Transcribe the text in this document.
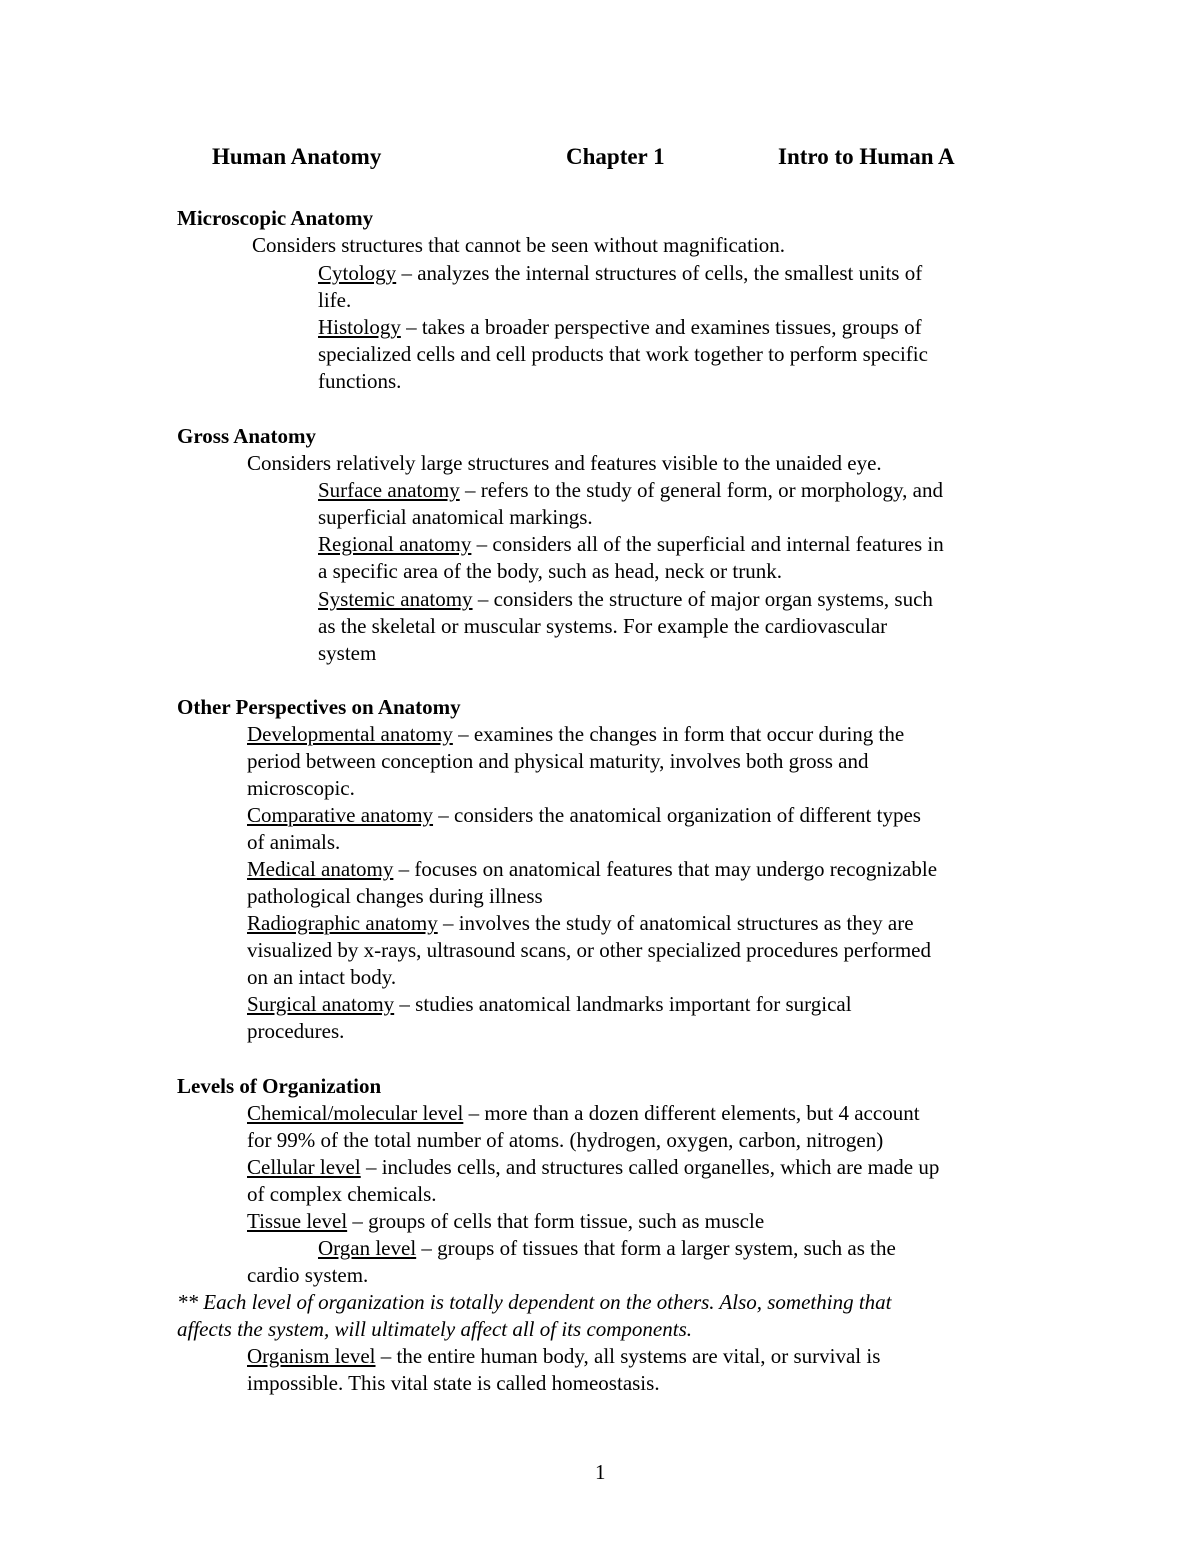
Human Anatomy	Chapter 1	Intro to Human A
Microscopic Anatomy
Considers structures that cannot be seen without magnification.
Cytology – analyzes the internal structures of cells, the smallest units of
life.
Histology – takes a broader perspective and examines tissues, groups of
specialized cells and cell products that work together to perform specific
functions.
Gross Anatomy
Considers relatively large structures and features visible to the unaided eye.
Surface anatomy – refers to the study of general form, or morphology, and
superficial anatomical markings.
Regional anatomy – considers all of the superficial and internal features in
a specific area of the body, such as head, neck or trunk.
Systemic anatomy – considers the structure of major organ systems, such
as the skeletal or muscular systems. For example the cardiovascular
system
Other Perspectives on Anatomy
Developmental anatomy – examines the changes in form that occur during the
period between conception and physical maturity, involves both gross and
microscopic.
Comparative anatomy – considers the anatomical organization of different types
of animals.
Medical anatomy – focuses on anatomical features that may undergo recognizable
pathological changes during illness
Radiographic anatomy – involves the study of anatomical structures as they are
visualized by x-rays, ultrasound scans, or other specialized procedures performed
on an intact body.
Surgical anatomy – studies anatomical landmarks important for surgical
procedures.
Levels of Organization
Chemical/molecular level – more than a dozen different elements, but 4 account
for 99% of the total number of atoms. (hydrogen, oxygen, carbon, nitrogen)
Cellular level – includes cells, and structures called organelles, which are made up
of complex chemicals.
Tissue level – groups of cells that form tissue, such as muscle
Organ level – groups of tissues that form a larger system, such as the
cardio system.
** Each level of organization is totally dependent on the others. Also, something that
affects the system, will ultimately affect all of its components.
Organism level – the entire human body, all systems are vital, or survival is
impossible. This vital state is called homeostasis.
1
